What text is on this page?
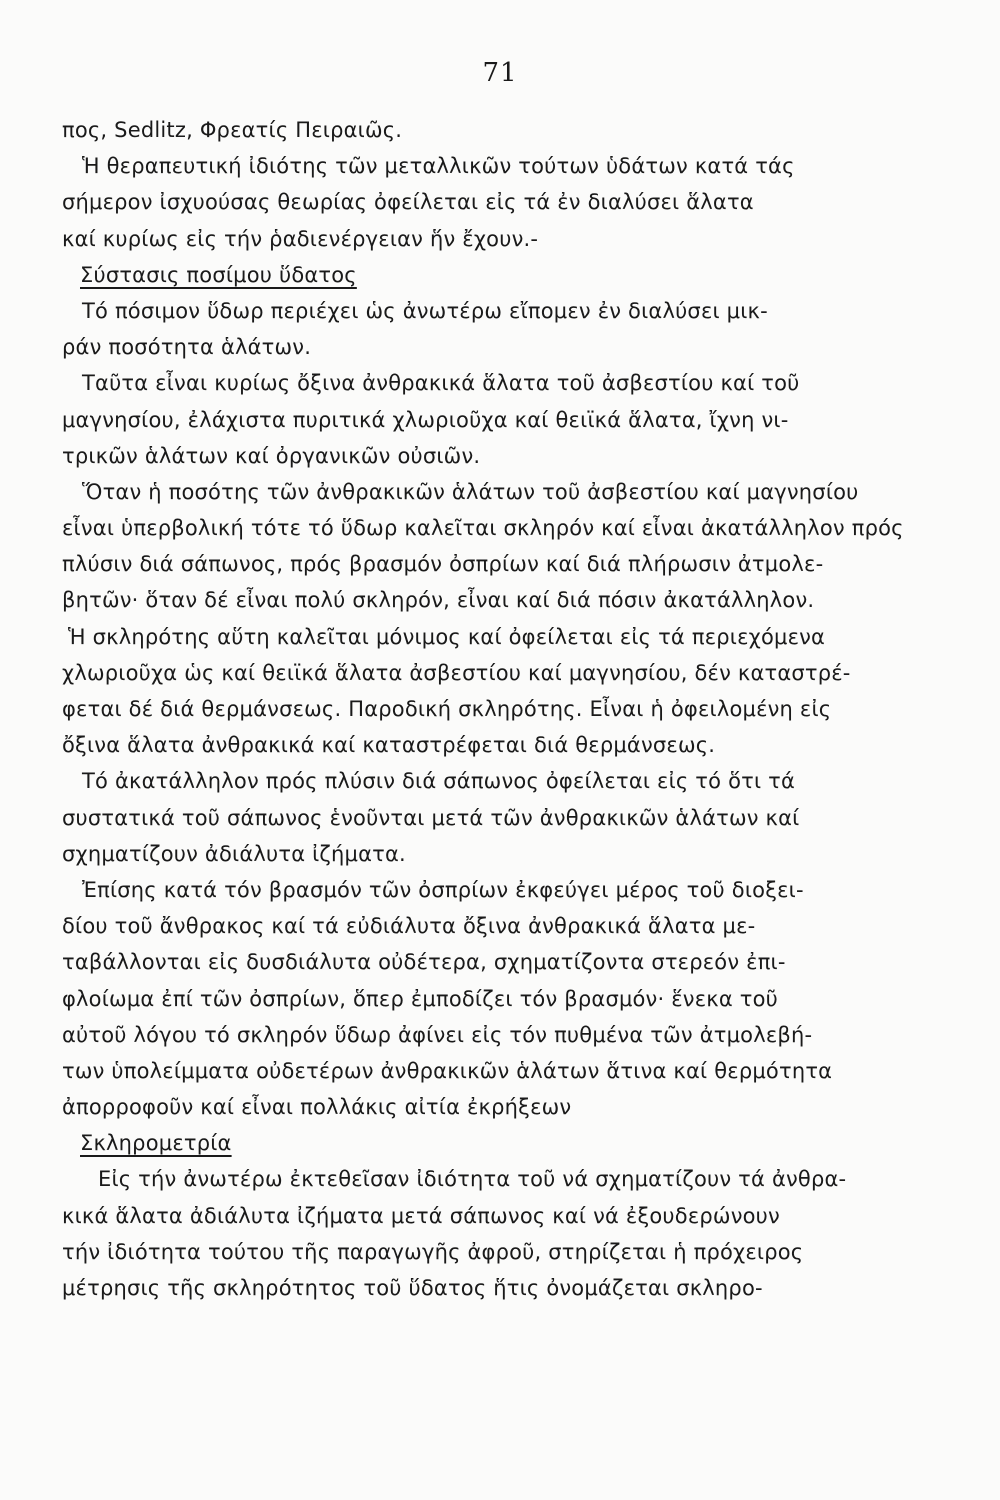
71
πος, Sedlitz, Φρεατίς Πειραιῶς.
Ἡ θεραπευτική ἰδιότης τῶν μεταλλικῶν τούτων ὑδάτων κατά τάς
σήμερον ἰσχυούσας θεωρίας ὀφείλεται εἰς τά ἐν διαλύσει ἅλατα
καί κυρίως εἰς τήν ῥαδιενέργειαν ἥν ἔχουν.-
Σύστασις ποσίμου ὕδατος
Τό πόσιμον ὕδωρ περιέχει ὡς ἀνωτέρω εἴπομεν ἐν διαλύσει μικ-
ράν ποσότητα ἁλάτων.
Ταῦτα εἶναι κυρίως ὄξινα ἀνθρακικά ἅλατα τοῦ ἀσβεστίου καί τοῦ
μαγνησίου, ἐλάχιστα πυριτικά χλωριοῦχα καί θειϊκά ἅλατα, ἴχνη νι-
τρικῶν ἁλάτων καί ὀργανικῶν οὐσιῶν.
Ὅταν ἡ ποσότης τῶν ἀνθρακικῶν ἁλάτων τοῦ ἀσβεστίου καί μαγνησίου
εἶναι ὑπερβολική τότε τό ὕδωρ καλεῖται σκληρόν καί εἶναι ἀκατάλληλον πρός
πλύσιν διά σάπωνος, πρός βρασμόν ὀσπρίων καί διά πλήρωσιν ἀτμολε-
βητῶν· ὅταν δέ εἶναι πολύ σκληρόν, εἶναι καί διά πόσιν ἀκατάλληλον.
Ἡ σκληρότης αὕτη καλεῖται μόνιμος καί ὀφείλεται εἰς τά περιεχόμενα
χλωριοῦχα ὡς καί θειϊκά ἅλατα ἀσβεστίου καί μαγνησίου, δέν καταστρέ-
φεται δέ διά θερμάνσεως. Παροδική σκληρότης. Εἶναι ἡ ὀφειλομένη εἰς
ὄξινα ἅλατα ἀνθρακικά καί καταστρέφεται διά θερμάνσεως.
Τό ἀκατάλληλον πρός πλύσιν διά σάπωνος ὀφείλεται εἰς τό ὅτι τά
συστατικά τοῦ σάπωνος ἑνοῦνται μετά τῶν ἀνθρακικῶν ἁλάτων καί
σχηματίζουν ἀδιάλυτα ἰζήματα.
Ἐπίσης κατά τόν βρασμόν τῶν ὀσπρίων ἐκφεύγει μέρος τοῦ διοξει-
δίου τοῦ ἄνθρακος καί τά εὐδιάλυτα ὄξινα ἀνθρακικά ἅλατα με-
ταβάλλονται εἰς δυσδιάλυτα οὐδέτερα, σχηματίζοντα στερεόν ἐπι-
φλοίωμα ἐπί τῶν ὀσπρίων, ὅπερ ἐμποδίζει τόν βρασμόν· ἕνεκα τοῦ
αὐτοῦ λόγου τό σκληρόν ὕδωρ ἀφίνει εἰς τόν πυθμένα τῶν ἀτμολεβή-
των ὑπολείμματα οὐδετέρων ἀνθρακικῶν ἁλάτων ἅτινα καί θερμότητα
ἀπορροφοῦν καί εἶναι πολλάκις αἰτία ἐκρήξεων
Σκληρομετρία
Εἰς τήν ἀνωτέρω ἐκτεθεῖσαν ἰδιότητα τοῦ νά σχηματίζουν τά ἀνθρα-
κικά ἅλατα ἀδιάλυτα ἰζήματα μετά σάπωνος καί νά ἐξουδερώνουν
τήν ἰδιότητα τούτου τῆς παραγωγῆς ἀφροῦ, στηρίζεται ἡ πρόχειρος
μέτρησις τῆς σκληρότητος τοῦ ὕδατος ἥτις ὀνομάζεται σκληρο-
